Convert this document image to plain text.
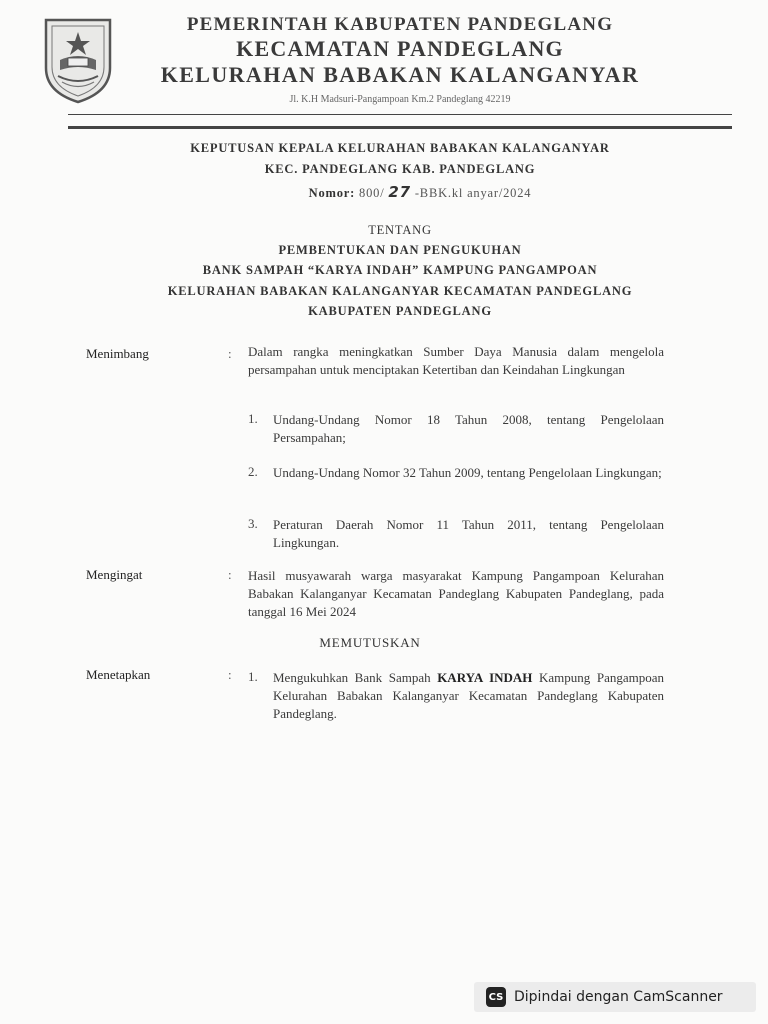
PEMERINTAH KABUPATEN PANDEGLANG
KECAMATAN PANDEGLANG
KELURAHAN BABAKAN KALANGANYAR
Jl. K.H Madsuri-Pangampoan Km.2 Pandeglang 42219
KEPUTUSAN KEPALA KELURAHAN BABAKAN KALANGANYAR
KEC. PANDEGLANG KAB. PANDEGLANG
Nomor: 800/ 27 -BBK.kl anyar/2024
TENTANG
PEMBENTUKAN DAN PENGUKUHAN
BANK SAMPAH “KARYA INDAH” KAMPUNG PANGAMPOAN
KELURAHAN BABAKAN KALANGANYAR KECAMATAN PANDEGLANG
KABUPATEN PANDEGLANG
Menimbang	: Dalam rangka meningkatkan Sumber Daya Manusia dalam mengelola persampahan untuk menciptakan Ketertiban dan Keindahan Lingkungan
1. Undang-Undang Nomor 18 Tahun 2008, tentang Pengelolaan Persampahan;
2. Undang-Undang Nomor 32 Tahun 2009, tentang Pengelolaan Lingkungan;
3. Peraturan Daerah Nomor 11 Tahun 2011, tentang Pengelolaan Lingkungan.
Mengingat	: Hasil musyawarah warga masyarakat Kampung Pangampoan Kelurahan Babakan Kalanganyar Kecamatan Pandeglang Kabupaten Pandeglang, pada tanggal 16 Mei 2024
MEMUTUSKAN
Menetapkan	: 1. Mengukuhkan Bank Sampah KARYA INDAH Kampung Pangampoan Kelurahan Babakan Kalanganyar Kecamatan Pandeglang Kabupaten Pandeglang.
CS Dipindai dengan CamScanner
